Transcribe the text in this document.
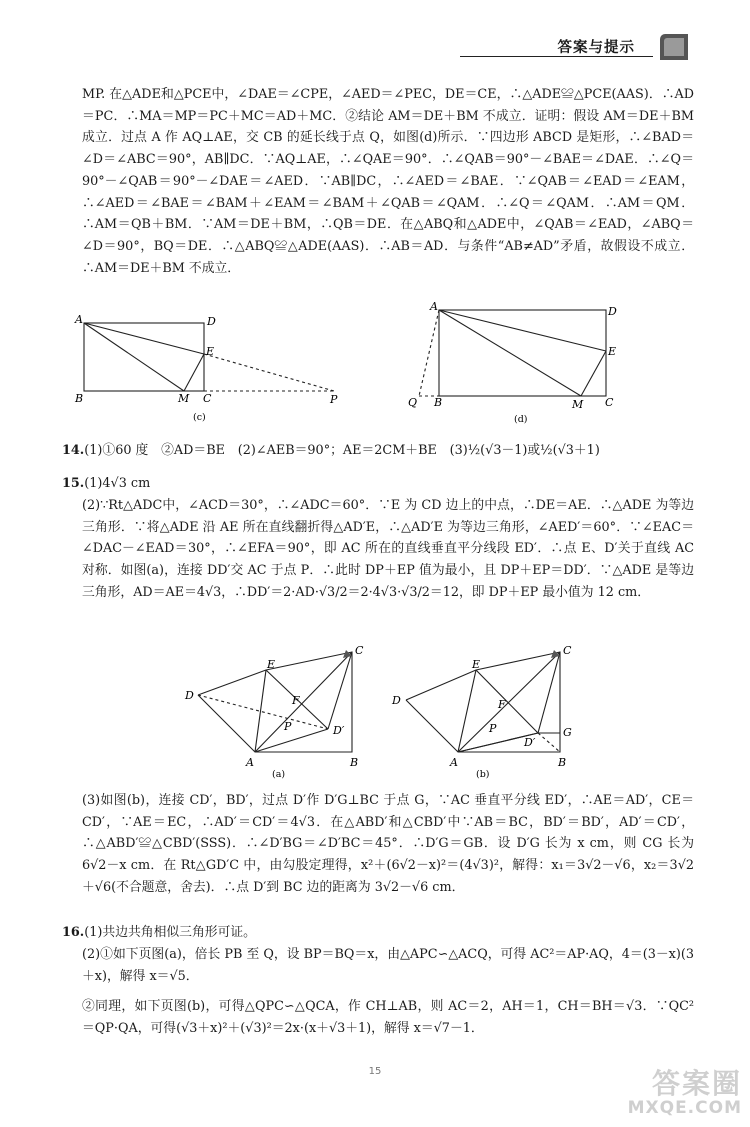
答案与提示
MP. 在△ADE和△PCE中，∠DAE＝∠CPE，∠AED＝∠PEC，DE＝CE，∴△ADE≌△PCE(AAS)．∴AD＝PC．∴MA＝MP＝PC＋MC＝AD＋MC．②结论 AM＝DE＋BM 不成立．证明：假设 AM＝DE＋BM 成立．过点 A 作 AQ⊥AE，交 CB 的延长线于点 Q，如图(d)所示．∵四边形 ABCD 是矩形，∴∠BAD＝∠D＝∠ABC＝90°，AB∥DC．∵AQ⊥AE，∴∠QAE＝90°．∴∠QAB＝90°－∠BAE＝∠DAE．∴∠Q＝90°－∠QAB＝90°－∠DAE＝∠AED．∵AB∥DC，∴∠AED＝∠BAE．∵∠QAB＝∠EAD＝∠EAM，∴∠AED＝∠BAE＝∠BAM＋∠EAM＝∠BAM＋∠QAB＝∠QAM．∴∠Q＝∠QAM．∴AM＝QM．∴AM＝QB＋BM．∵AM＝DE＋BM，∴QB＝DE．在△ABQ和△ADE中，∠QAB＝∠EAD，∠ABQ＝∠D＝90°，BQ＝DE．∴△ABQ≌△ADE(AAS)．∴AB＝AD．与条件“AB≠AD”矛盾，故假设不成立．∴AM＝DE＋BM 不成立．
A	D
E
B	M C	P
(c)
A	D
E
Q B	M C
(d)
14.(1)①60 度　②AD＝BE　(2)∠AEB＝90°；AE＝2CM＋BE　(3)½(√3－1)或½(√3＋1)
15.(1)4√3 cm
(2)∵Rt△ADC中，∠ACD＝30°，∴∠ADC＝60°．∵E 为 CD 边上的中点，∴DE＝AE．∴△ADE 为等边三角形．∵将△ADE 沿 AE 所在直线翻折得△AD′E，∴△AD′E 为等边三角形，∠AED′＝60°．∵∠EAC＝∠DAC－∠EAD＝30°，∴∠EFA＝90°，即 AC 所在的直线垂直平分线段 ED′．∴点 E、D′关于直线 AC 对称．如图(a)，连接 DD′交 AC 于点 P．∴此时 DP＋EP 值为最小，且 DP＋EP＝DD′．∵△ADE 是等边三角形，AD＝AE＝4√3，∴DD′＝2·AD·√3/2＝2·4√3·√3/2＝12，即 DP＋EP 最小值为 12 cm．
C
E
D	F
P	D′
A	B
(a)
C
E
D	F
P
D′
G
A	B
(b)
(3)如图(b)，连接 CD′，BD′，过点 D′作 D′G⊥BC 于点 G，∵AC 垂直平分线 ED′，∴AE＝AD′，CE＝CD′，∵AE＝EC，∴AD′＝CD′＝4√3．在△ABD′和△CBD′中∵AB＝BC，BD′＝BD′，AD′＝CD′，∴△ABD′≌△CBD′(SSS)．∴∠D′BG＝∠D′BC＝45°．∴D′G＝GB．设 D′G 长为 x cm，则 CG 长为 6√2－x cm．在 Rt△GD′C 中，由勾股定理得，x²＋(6√2－x)²＝(4√3)²，解得：x₁＝3√2－√6，x₂＝3√2＋√6(不合题意，舍去)．∴点 D′到 BC 边的距离为 3√2－√6 cm．
16.(1)共边共角相似三角形可证。
(2)①如下页图(a)，倍长 PB 至 Q，设 BP＝BQ＝x，由△APC∽△ACQ，可得 AC²＝AP·AQ，4＝(3－x)(3＋x)，解得 x＝√5．
②同理，如下页图(b)，可得△QPC∽△QCA，作 CH⊥AB，则 AC＝2，AH＝1，CH＝BH＝√3．∵QC²＝QP·QA，可得(√3＋x)²＋(√3)²＝2x·(x＋√3＋1)，解得 x＝√7－1．
15	答案圈
MXQE.COM
